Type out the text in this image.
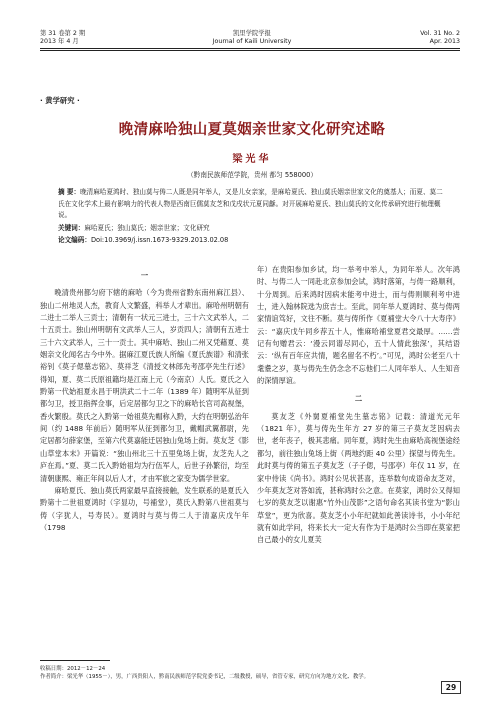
第 31 卷第 2 期
2013 年 4 月
凯里学院学报
Journal of Kaili University
Vol. 31 No. 2
Apr. 2013
· 黄学研究 ·
晚清麻哈独山夏莫姻亲世家文化研究述略
梁光华
（黔南民族师范学院，贵州 都匀 558000）
摘 要：晚清麻哈夏鸿时、独山莫与俦二人既是同年举人，又是儿女亲家，是麻哈夏氏、独山莫氏姻亲世家文化的奠基人；而夏、莫二氏在文化学术上最有影响力的代表人物是西南巨儒莫友芝和戊戌状元夏同龢。对开展麻哈夏氏、独山莫氏的文化传承研究进行梳理概说。
关键词：麻哈夏氏；独山莫氏；姻亲世家；文化研究
论文编码：Doi:10.3969/j.issn.1673-9329.2013.02.08
一

晚清贵州都匀府下辖的麻哈（今为贵州省黔东南州麻江县）、独山二州地灵人杰，教育人文繁盛，科举人才辈出。麻哈州明朝有二进士二举人三贡士；清朝有一状元三进士，三十六文武举人，二十五贡士。独山州明朝有文武举人三人，岁贡四人；清朝有五进士三十六文武举人，三十一贡士。其中麻哈、独山二州又凭藉夏、莫姻亲文化闻名古今中外。据麻江夏氏族人所编《夏氏族谱》和清张裕钊《莫子偲墓志铭》、莫祥芝《清授文林郎先考邵亭先生行述》得知，夏、莫二氏原祖籍均是江南上元（今南京）人氏。夏氏之入黔第一代始祖夏永昌于明洪武二十二年（1389 年）随明军从征到都匀卫，授卫指挥佥事，后定居都匀卫之下的麻哈长官司高视堡，香火繁殷。莫氏之入黔第一始祖莫先帽称入黔，大约在明朝弘治年间（约 1488 年前后）随明军从征到都匀卫，戴帽武翼都尉，先定居都匀薛家堡，至第六代莫嘉能迁居独山兔场上街。莫友芝《影山草堂本末》开篇说：“独山州北三十五里兔场上街，友芝先人之庐在焉。”夏、莫二氏入黔始祖均为行伍军人，后世子孙繁衍，均至清朝康熙、雍正年间以后人才，才由军旅之家变为儒学世家。

麻哈夏氏、独山莫氏两家最早直接接触，发生联系的是夏氏入黔第十二世祖夏鸿时（字显功，号補堂），莫氏入黔第八世祖莫与俦（字犹人，号寿民）。夏鸿时与莫与俦二人于清嘉庆戊午年（1798

年）在贵阳参加乡试，均一举考中举人，为同年举人。次年鸿时、与俦二人一同赴北京参加会试，鸿时落第，与俦一路顺利，十分周到。后来鸿时因病未能考中进士，而与俦则顺利考中进士，进入翰林院选为庶吉士。至此，同年举人夏鸿时、莫与俦两家情谊笃好，文往不断。莫与俦所作《夏補堂大令八十大寿序》云：“嘉庆戊午同乡荐五十人，惟麻哈補堂夏君交最厚。……尝记有句赠君云：‘漫云同谱尽同心，五十人情此独深’，其结语云：‘纵有百年应共情，题名留名不朽’。”可见，鸿时公老至八十耄耋之岁，莫与俦先生仍念念不忘他们二人同年举人、人生知音的深情厚谊。

二

莫友芝《外舅夏補堂先生墓志铭》记载：清道光元年（1821 年），莫与俦先生年方 27 岁的第三子莫友芝因病去世，老年丧子，极其悲痛。同年夏，鸿时先生由麻哈高视堡途经都匀，前往独山兔场上街（两地约距 40 公里）探望与俦先生。此时莫与俦的第五子莫友芝（子子偲，号邵亭）年仅 11 岁，在家中侍读《尚书》。鸿时公见状甚喜，连举数句成语命友芝对，少年莫友芝对答如流，甚称鸿时公之意。在莫家，鸿时公又得知七岁的莫友芝以谢惠“竹外山茂影”之语句命名其读书堂为“影山草堂”，更为欣喜。莫友芝小小年纪就如此善读诗书，小小年纪就有如此学问，将来长大一定大有作为于是鸿时公当即在莫家把自己最小的女儿夏芙

收稿日期：2012－12－24
作者简介：梁光华（1955－），男，广西贵阳人，黔南民族师范学院党委书记，二级教授，硕导，省管专家，研究方向为地方文化、教学。
29
